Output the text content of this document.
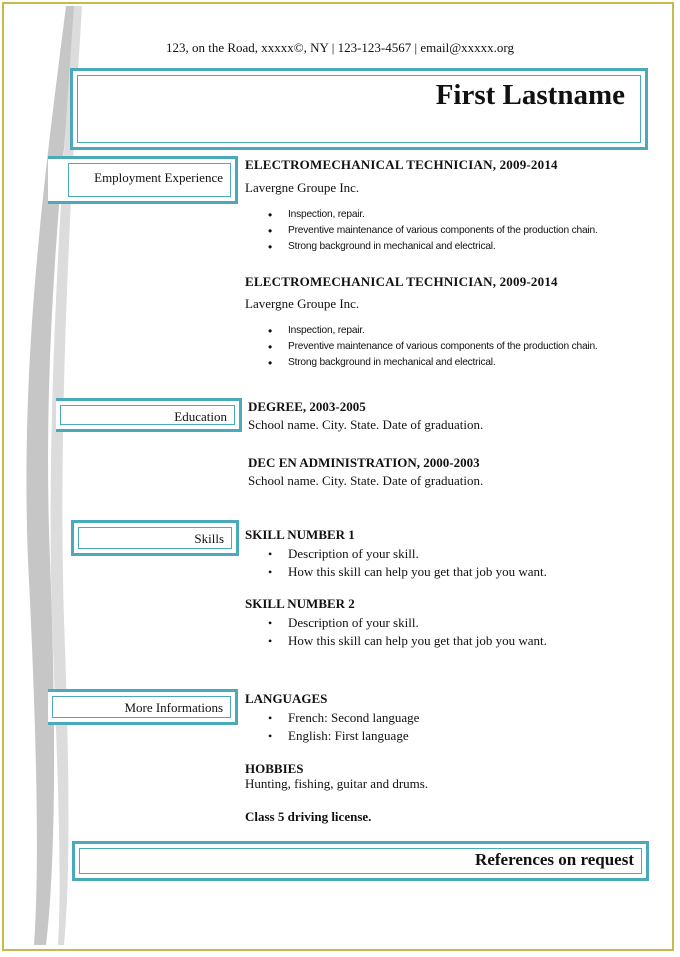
123, on the Road, xxxxx©, NY | 123-123-4567 | email@xxxxx.org
First Lastname
Employment Experience
ELECTROMECHANICAL TECHNICIAN, 2009-2014
Lavergne Groupe Inc.
• Inspection, repair.
• Preventive maintenance of various components of the production chain.
• Strong background in mechanical and electrical.
ELECTROMECHANICAL TECHNICIAN, 2009-2014
Lavergne Groupe Inc.
• Inspection, repair.
• Preventive maintenance of various components of the production chain.
• Strong background in mechanical and electrical.
Education
DEGREE, 2003-2005
School name. City. State. Date of graduation.
DEC EN ADMINISTRATION, 2000-2003
School name. City. State. Date of graduation.
Skills SKILL NUMBER 1
• Description of your skill.
• How this skill can help you get that job you want.
SKILL NUMBER 2
• Description of your skill.
• How this skill can help you get that job you want.
More Informations
LANGUAGES
• French: Second language
• English: First language
HOBBIES
Hunting, fishing, guitar and drums.
Class 5 driving license.
References on request
